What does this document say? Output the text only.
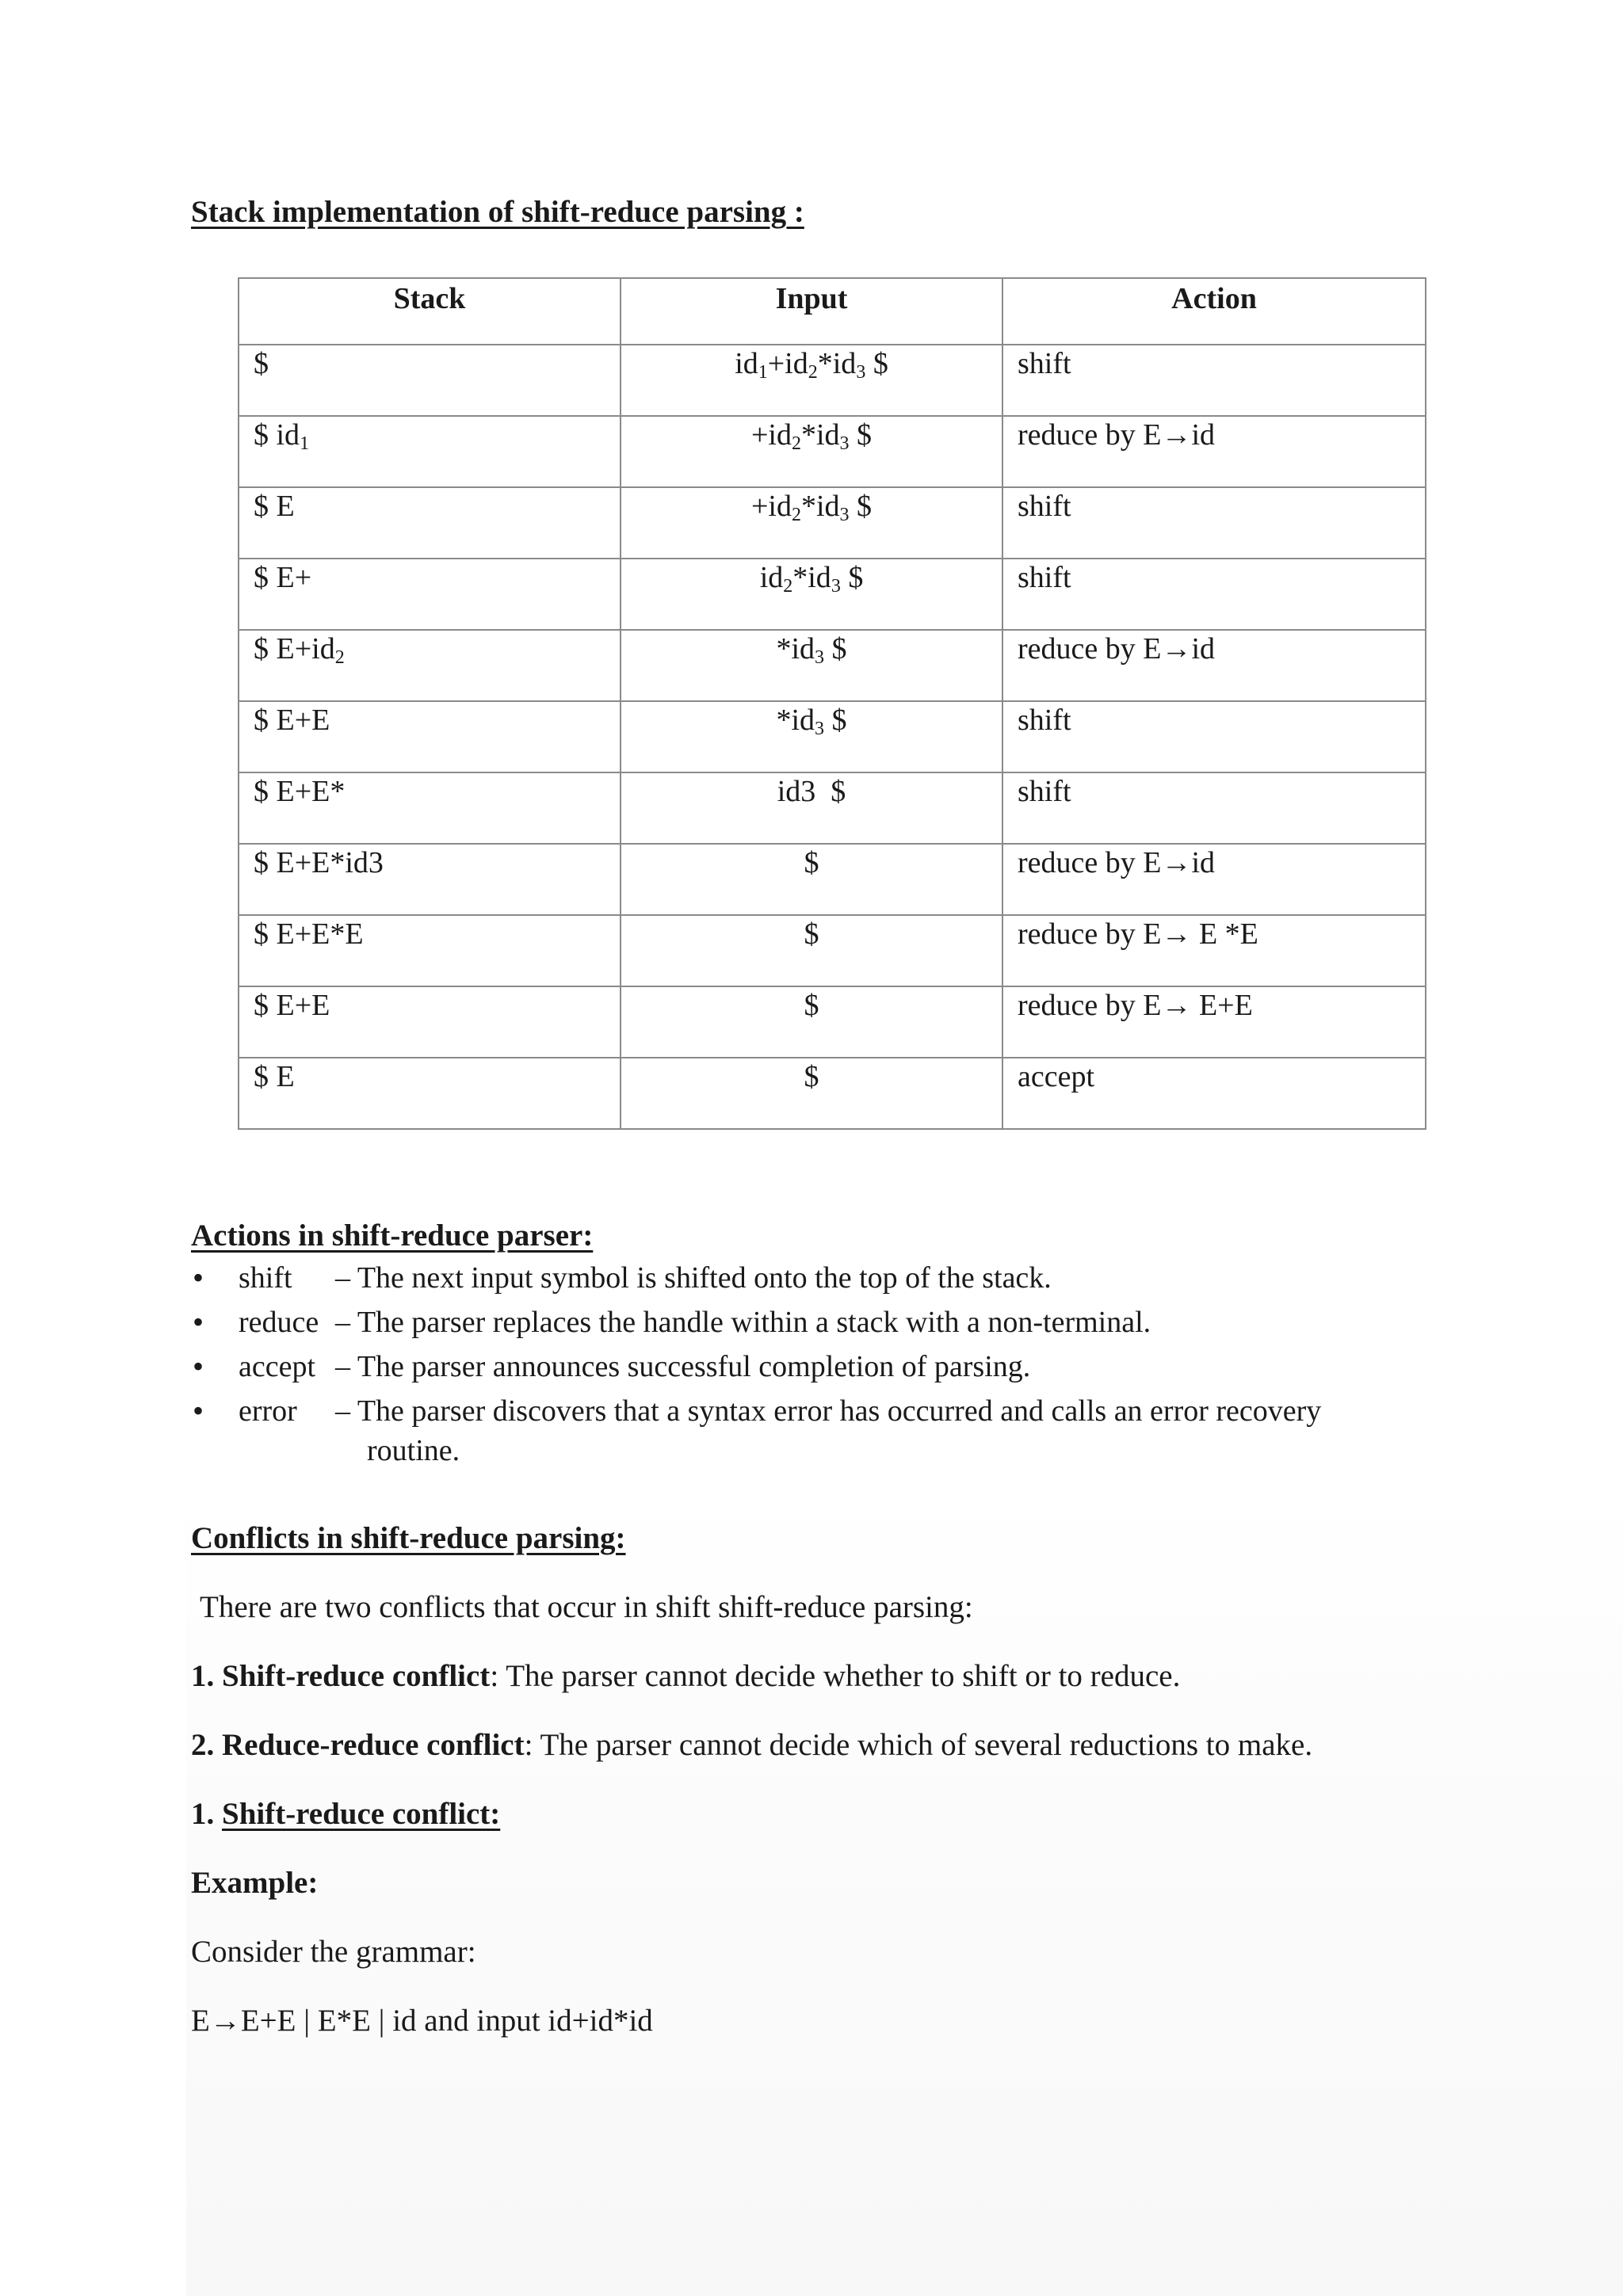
Stack implementation of shift-reduce parsing :
Stack	Input	Action
$	$id_1+id_2*id_3$ $	shift
$ $id_1$	$+id_2*id_3$ $	reduce by E→id
$ E	$+id_2*id_3$ $	shift
$ E+	$id_2*id_3$ $	shift
$ $E+id_2$	$*id_3$ $	reduce by E→id
$ E+E	$*id_3$ $	shift
$ E+E*	id3  $	shift
$ E+E*id3	$	reduce by E→id
$ E+E*E	$	reduce by E→ E *E
$ E+E	$	reduce by E→ E+E
$ E	$	accept
Actions in shift-reduce parser:
• shift – The next input symbol is shifted onto the top of the stack.
• reduce – The parser replaces the handle within a stack with a non-terminal.
• accept – The parser announces successful completion of parsing.
• error – The parser discovers that a syntax error has occurred and calls an error recovery
routine.
Conflicts in shift-reduce parsing:

There are two conflicts that occur in shift shift-reduce parsing:

1. Shift-reduce conflict: The parser cannot decide whether to shift or to reduce.

2. Reduce-reduce conflict: The parser cannot decide which of several reductions to make.

1. Shift-reduce conflict:

Example:

Consider the grammar:

E→E+E | E*E | id and input id+id*id
